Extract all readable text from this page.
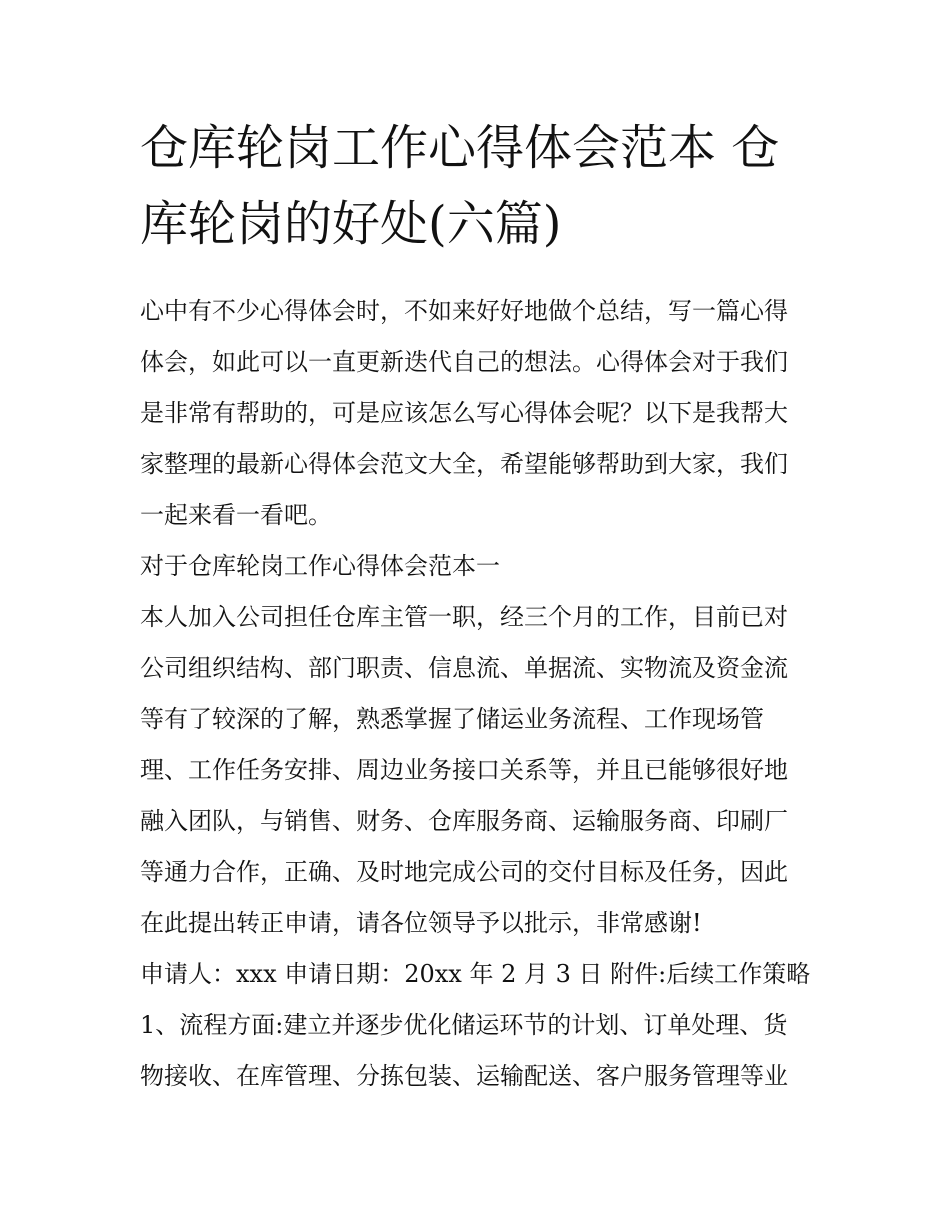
仓库轮岗工作心得体会范本 仓
库轮岗的好处(六篇)
心中有不少心得体会时，不如来好好地做个总结，写一篇心得
体会，如此可以一直更新迭代自己的想法。心得体会对于我们
是非常有帮助的，可是应该怎么写心得体会呢？以下是我帮大
家整理的最新心得体会范文大全，希望能够帮助到大家，我们
一起来看一看吧。
对于仓库轮岗工作心得体会范本一
本人加入公司担任仓库主管一职，经三个月的工作，目前已对
公司组织结构、部门职责、信息流、单据流、实物流及资金流
等有了较深的了解，熟悉掌握了储运业务流程、工作现场管
理、工作任务安排、周边业务接口关系等，并且已能够很好地
融入团队，与销售、财务、仓库服务商、运输服务商、印刷厂
等通力合作，正确、及时地完成公司的交付目标及任务，因此
在此提出转正申请，请各位领导予以批示，非常感谢!
申请人：xxx 申请日期：20xx 年 2 月 3 日 附件:后续工作策略
1、流程方面:建立并逐步优化储运环节的计划、订单处理、货
物接收、在库管理、分拣包装、运输配送、客户服务管理等业
